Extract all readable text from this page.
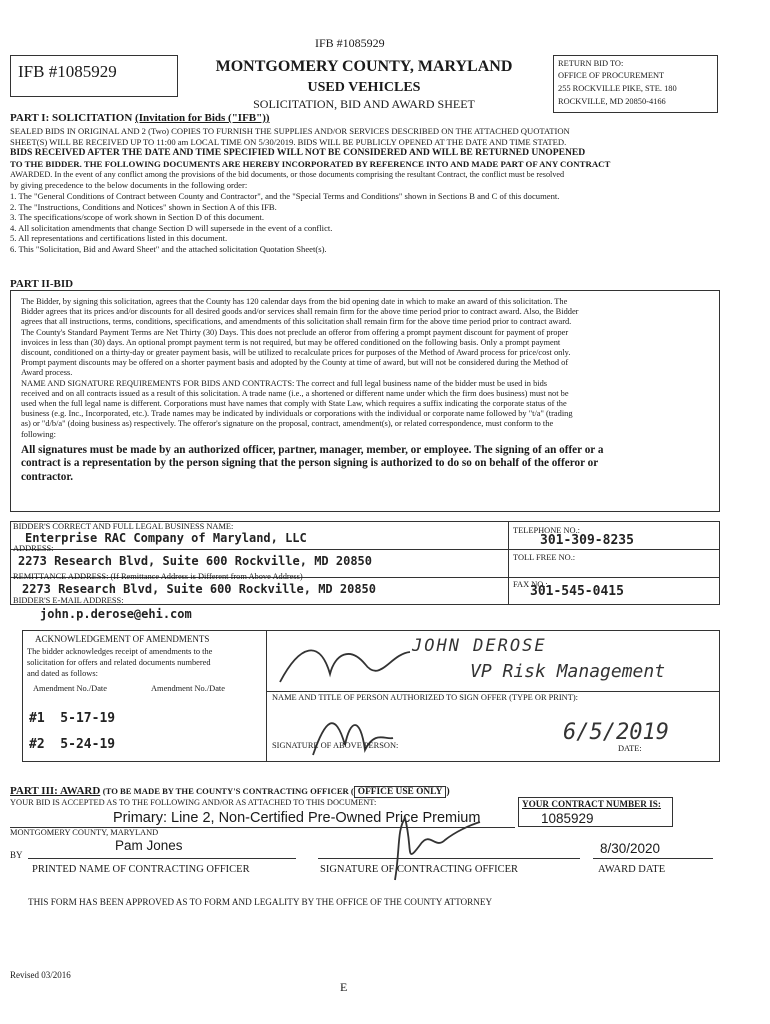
IFB #1085929
IFB #1085929	MONTGOMERY COUNTY, MARYLAND
USED VEHICLES
SOLICITATION, BID AND AWARD SHEET
RETURN BID TO:
OFFICE OF PROCUREMENT
255 ROCKVILLE PIKE, STE. 180
ROCKVILLE, MD 20850-4166
PART I: SOLICITATION (Invitation for Bids ("IFB"))
SEALED BIDS IN ORIGINAL AND 2 (Two) COPIES TO FURNISH THE SUPPLIES AND/OR SERVICES DESCRIBED ON THE ATTACHED QUOTATION
SHEET(S) WILL BE RECEIVED UP TO 11:00 am LOCAL TIME ON 5/30/2019. BIDS WILL BE PUBLICLY OPENED AT THE DATE AND TIME STATED.
BIDS RECEIVED AFTER THE DATE AND TIME SPECIFIED WILL NOT BE CONSIDERED AND WILL BE RETURNED UNOPENED
TO THE BIDDER. THE FOLLOWING DOCUMENTS ARE HEREBY INCORPORATED BY REFERENCE INTO AND MADE PART OF ANY CONTRACT
AWARDED. In the event of any conflict among the provisions of the bid documents, or those documents comprising the resultant Contract, the conflict must be resolved
by giving precedence to the below documents in the following order:
1. The "General Conditions of Contract between County and Contractor", and the "Special Terms and Conditions" shown in Sections B and C of this document.
2. The "Instructions, Conditions and Notices" shown in Section A of this IFB.
3. The specifications/scope of work shown in Section D of this document.
4. All solicitation amendments that change Section D will supersede in the event of a conflict.
5. All representations and certifications listed in this document.
6. This "Solicitation, Bid and Award Sheet" and the attached solicitation Quotation Sheet(s).
PART II-BID
The Bidder, by signing this solicitation, agrees that the County has 120 calendar days from the bid opening date in which to make an award of this solicitation. The
Bidder agrees that its prices and/or discounts for all desired goods and/or services shall remain firm for the above time period prior to contract award. Also, the Bidder
agrees that all instructions, terms, conditions, specifications, and amendments of this solicitation shall remain firm for the above time period prior to contract award.
The County's Standard Payment Terms are Net Thirty (30) Days. This does not preclude an offeror from offering a prompt payment discount for payment of proper
invoices in less than (30) days. An optional prompt payment term is not required, but may be offered conditioned on the following basis. Only a prompt payment
discount, conditioned on a thirty-day or greater payment basis, will be utilized to recalculate prices for purposes of the Method of Award process for price/cost only.
Prompt payment discounts may be offered on a shorter payment basis and adopted by the County at time of award, but will not be considered during the Method of
Award process.
NAME AND SIGNATURE REQUIREMENTS FOR BIDS AND CONTRACTS: The correct and full legal business name of the bidder must be used in bids
received and on all contracts issued as a result of this solicitation. A trade name (i.e., a shortened or different name under which the firm does business) must not be
used when the full legal name is different. Corporations must have names that comply with State Law, which requires a suffix indicating the corporate status of the
business (e.g. Inc., Incorporated, etc.). Trade names may be indicated by individuals or corporations with the individual or corporate name followed by "t/a" (trading
as) or "d/b/a" (doing business as) respectively. The offeror's signature on the proposal, contract, amendment(s), or related correspondence, must conform to the
following:
All signatures must be made by an authorized officer, partner, manager, member, or employee. The signing of an offer or a
contract is a representation by the person signing that the person signing is authorized to do so on behalf of the offeror or
contractor.
BIDDER'S CORRECT AND FULL LEGAL BUSINESS NAME:
Enterprise RAC Company of Maryland, LLC
ADDRESS:
2273 Research Blvd, Suite 600 Rockville, MD 20850
REMITTANCE ADDRESS: (If Remittance Address is Different from Above Address)
2273 Research Blvd, Suite 600 Rockville, MD 20850
BIDDER'S E-MAIL ADDRESS:
john.p.derose@ehi.com
TELEPHONE NO.:
301-309-8235
TOLL FREE NO.:
FAX NO.:
301-545-0415
ACKNOWLEDGEMENT OF AMENDMENTS
The bidder acknowledges receipt of amendments to the
solicitation for offers and related documents numbered
and dated as follows:
Amendment No./Date	Amendment No./Date
#1  5-17-19
#2  5-24-19
JOHN DEROSE
VP Risk Management
NAME AND TITLE OF PERSON AUTHORIZED TO SIGN OFFER (TYPE OR PRINT):
SIGNATURE OF ABOVE PERSON:
6/5/2019
DATE:
PART III: AWARD (TO BE MADE BY THE COUNTY'S CONTRACTING OFFICER ( OFFICE USE ONLY )
YOUR BID IS ACCEPTED AS TO THE FOLLOWING AND/OR AS ATTACHED TO THIS DOCUMENT:	YOUR CONTRACT NUMBER IS:
1085929
Primary: Line 2, Non-Certified Pre-Owned Price Premium
MONTGOMERY COUNTY, MARYLAND
Pam Jones
BY	8/30/2020
PRINTED NAME OF CONTRACTING OFFICER	SIGNATURE OF CONTRACTING OFFICER	AWARD DATE
THIS FORM HAS BEEN APPROVED AS TO FORM AND LEGALITY BY THE OFFICE OF THE COUNTY ATTORNEY
Revised 03/2016
E
